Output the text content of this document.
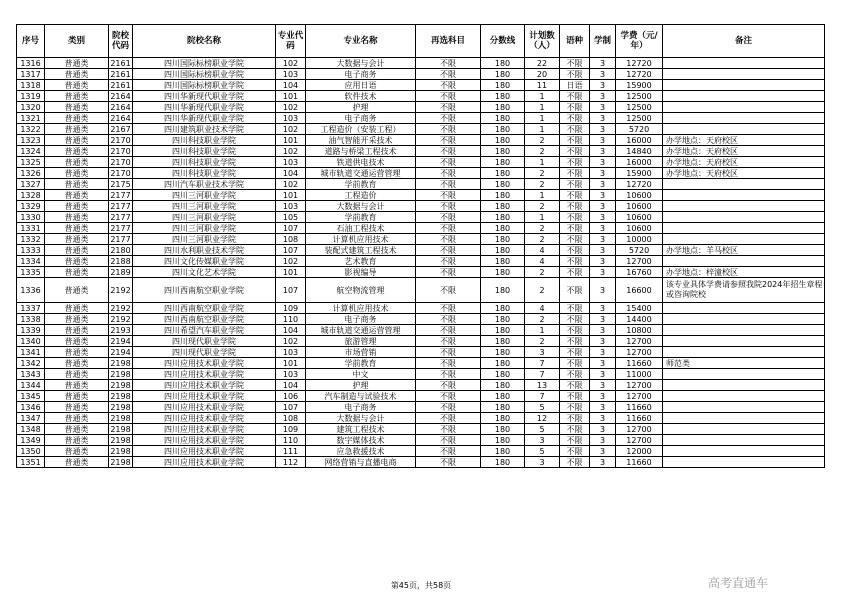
序号	类别	院校代码	院校名称	专业代码	专业名称	再选科目	分数线	计划数（人）	语种	学制	学费（元/年）	备注
1316	普通类	2161	四川国际标榜职业学院	102	大数据与会计	不限	180	22	不限	3	12720	
1317	普通类	2161	四川国际标榜职业学院	103	电子商务	不限	180	20	不限	3	12720	
1318	普通类	2161	四川国际标榜职业学院	104	应用日语	不限	180	11	日语	3	15900	
1319	普通类	2164	四川华新现代职业学院	101	软件技术	不限	180	1	不限	3	12500	
1320	普通类	2164	四川华新现代职业学院	102	护理	不限	180	1	不限	3	12500	
1321	普通类	2164	四川华新现代职业学院	103	电子商务	不限	180	1	不限	3	12500	
1322	普通类	2167	四川建筑职业技术学院	102	工程造价（安装工程）	不限	180	1	不限	3	5720	
1323	普通类	2170	四川科技职业学院	101	油气智能开采技术	不限	180	2	不限	3	16000	办学地点：天府校区
1324	普通类	2170	四川科技职业学院	102	道路与桥梁工程技术	不限	180	2	不限	3	14840	办学地点：天府校区
1325	普通类	2170	四川科技职业学院	103	铁道供电技术	不限	180	1	不限	3	16000	办学地点：天府校区
1326	普通类	2170	四川科技职业学院	104	城市轨道交通运营管理	不限	180	2	不限	3	15900	办学地点：天府校区
1327	普通类	2175	四川汽车职业技术学院	102	学前教育	不限	180	2	不限	3	12720	
1328	普通类	2177	四川三河职业学院	101	工程造价	不限	180	1	不限	3	10600	
1329	普通类	2177	四川三河职业学院	103	大数据与会计	不限	180	2	不限	3	10600	
1330	普通类	2177	四川三河职业学院	105	学前教育	不限	180	1	不限	3	10600	
1331	普通类	2177	四川三河职业学院	107	石油工程技术	不限	180	2	不限	3	10600	
1332	普通类	2177	四川三河职业学院	108	计算机应用技术	不限	180	2	不限	3	10000	
1333	普通类	2180	四川水利职业技术学院	107	装配式建筑工程技术	不限	180	4	不限	3	5720	办学地点：羊马校区
1334	普通类	2188	四川文化传媒职业学院	102	艺术教育	不限	180	4	不限	3	12700	
1335	普通类	2189	四川文化艺术学院	101	影视编导	不限	180	2	不限	3	16760	办学地点：梓潼校区
1336	普通类	2192	四川西南航空职业学院	107	航空物流管理	不限	180	2	不限	3	16600	该专业具体学费请参照我院2024年招生章程或咨询院校
1337	普通类	2192	四川西南航空职业学院	109	计算机应用技术	不限	180	4	不限	3	15400	
1338	普通类	2192	四川西南航空职业学院	110	电子商务	不限	180	2	不限	3	14400	
1339	普通类	2193	四川希望汽车职业学院	104	城市轨道交通运营管理	不限	180	1	不限	3	10800	
1340	普通类	2194	四川现代职业学院	102	旅游管理	不限	180	2	不限	3	12700	
1341	普通类	2194	四川现代职业学院	103	市场营销	不限	180	3	不限	3	12700	
1342	普通类	2198	四川应用技术职业学院	101	学前教育	不限	180	7	不限	3	11660	师范类
1343	普通类	2198	四川应用技术职业学院	103	中文	不限	180	7	不限	3	11000	
1344	普通类	2198	四川应用技术职业学院	104	护理	不限	180	13	不限	3	12700	
1345	普通类	2198	四川应用技术职业学院	106	汽车制造与试验技术	不限	180	7	不限	3	12700	
1346	普通类	2198	四川应用技术职业学院	107	电子商务	不限	180	5	不限	3	11660	
1347	普通类	2198	四川应用技术职业学院	108	大数据与会计	不限	180	12	不限	3	11660	
1348	普通类	2198	四川应用技术职业学院	109	建筑工程技术	不限	180	5	不限	3	12700	
1349	普通类	2198	四川应用技术职业学院	110	数字媒体技术	不限	180	3	不限	3	12700	
1350	普通类	2198	四川应用技术职业学院	111	应急救援技术	不限	180	5	不限	3	12000	
1351	普通类	2198	四川应用技术职业学院	112	网络营销与直播电商	不限	180	3	不限	3	11660	
第45页，共58页	高考直通车
